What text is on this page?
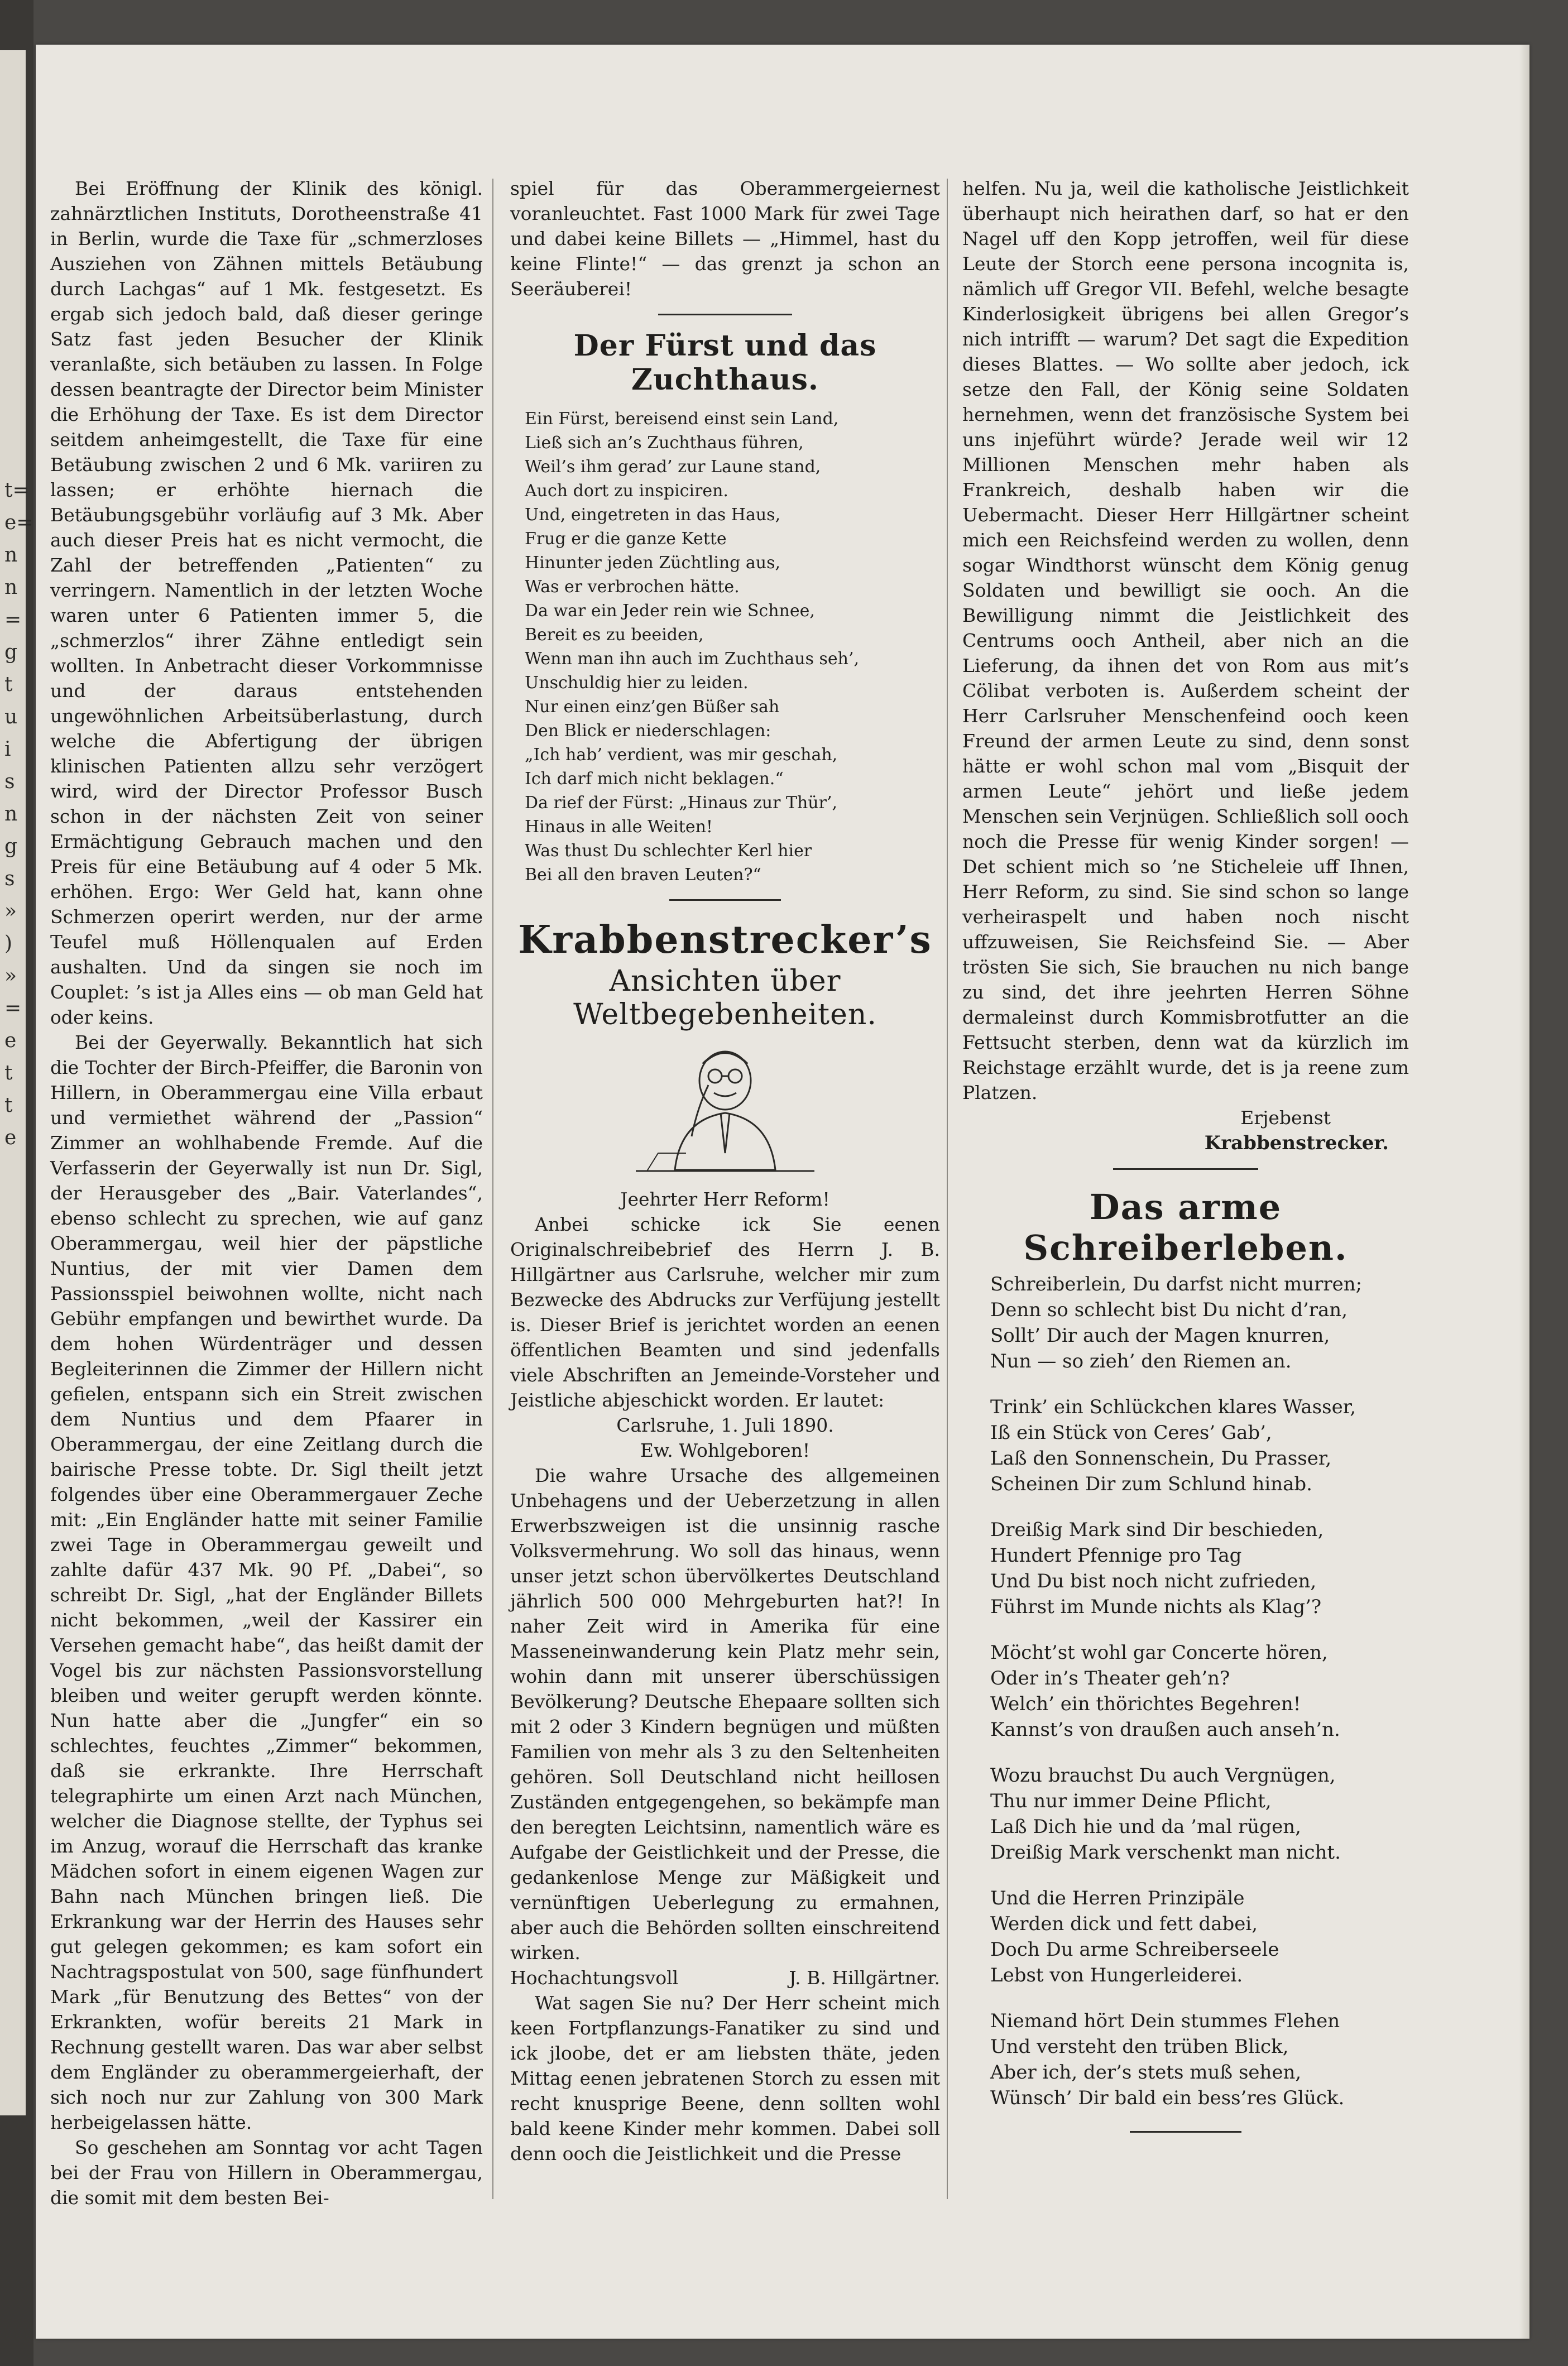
t=
e=
n
n
=
g
t
u
i
s
n
g
s
»
)
»
=
e
t
t
e

Bei Eröffnung der Klinik des königl. zahnärztlichen Instituts, Dorotheenstraße 41 in Berlin, wurde die Taxe für „schmerzloses Ausziehen von Zähnen mittels Betäubung durch Lachgas“ auf 1 Mk. festgesetzt. Es ergab sich jedoch bald, daß dieser geringe Satz fast jeden Besucher der Klinik veranlaßte, sich betäuben zu lassen. In Folge dessen beantragte der Director beim Minister die Erhöhung der Taxe. Es ist dem Director seitdem anheimgestellt, die Taxe für eine Betäubung zwischen 2 und 6 Mk. variiren zu lassen; er erhöhte hiernach die Betäubungsgebühr vorläufig auf 3 Mk. Aber auch dieser Preis hat es nicht vermocht, die Zahl der betreffenden „Patienten“ zu verringern. Namentlich in der letzten Woche waren unter 6 Patienten immer 5, die „schmerzlos“ ihrer Zähne entledigt sein wollten. In Anbetracht dieser Vorkommnisse und der daraus entstehenden ungewöhnlichen Arbeitsüberlastung, durch welche die Abfertigung der übrigen klinischen Patienten allzu sehr verzögert wird, wird der Director Professor Busch schon in der nächsten Zeit von seiner Ermächtigung Gebrauch machen und den Preis für eine Betäubung auf 4 oder 5 Mk. erhöhen. Ergo: Wer Geld hat, kann ohne Schmerzen operirt werden, nur der arme Teufel muß Höllenqualen auf Erden aushalten. Und da singen sie noch im Couplet: ’s ist ja Alles eins — ob man Geld hat oder keins.

Bei der Geyerwally. Bekanntlich hat sich die Tochter der Birch-Pfeiffer, die Baronin von Hillern, in Oberammergau eine Villa erbaut und vermiethet während der „Passion“ Zimmer an wohlhabende Fremde. Auf die Verfasserin der Geyerwally ist nun Dr. Sigl, der Herausgeber des „Bair. Vaterlandes“, ebenso schlecht zu sprechen, wie auf ganz Oberammergau, weil hier der päpstliche Nuntius, der mit vier Damen dem Passionsspiel beiwohnen wollte, nicht nach Gebühr empfangen und bewirthet wurde. Da dem hohen Würdenträger und dessen Begleiterinnen die Zimmer der Hillern nicht gefielen, entspann sich ein Streit zwischen dem Nuntius und dem Pfaarer in Oberammergau, der eine Zeitlang durch die bairische Presse tobte. Dr. Sigl theilt jetzt folgendes über eine Oberammergauer Zeche mit: „Ein Engländer hatte mit seiner Familie zwei Tage in Oberammergau geweilt und zahlte dafür 437 Mk. 90 Pf. „Dabei“, so schreibt Dr. Sigl, „hat der Engländer Billets nicht bekommen, „weil der Kassirer ein Versehen gemacht habe“, das heißt damit der Vogel bis zur nächsten Passionsvorstellung bleiben und weiter gerupft werden könnte. Nun hatte aber die „Jungfer“ ein so schlechtes, feuchtes „Zimmer“ bekommen, daß sie erkrankte. Ihre Herrschaft telegraphirte um einen Arzt nach München, welcher die Diagnose stellte, der Typhus sei im Anzug, worauf die Herrschaft das kranke Mädchen sofort in einem eigenen Wagen zur Bahn nach München bringen ließ. Die Erkrankung war der Herrin des Hauses sehr gut gelegen gekommen; es kam sofort ein Nachtragspostulat von 500, sage fünfhundert Mark „für Benutzung des Bettes“ von der Erkrankten, wofür bereits 21 Mark in Rechnung gestellt waren. Das war aber selbst dem Engländer zu oberammergeierhaft, der sich noch nur zur Zahlung von 300 Mark herbeigelassen hätte.

So geschehen am Sonntag vor acht Tagen bei der Frau von Hillern in Oberammergau, die somit mit dem besten Bei-

spiel für das Oberammergeiernest voranleuchtet. Fast 1000 Mark für zwei Tage und dabei keine Billets — „Himmel, hast du keine Flinte!“ — das grenzt ja schon an Seeräuberei!

Der Fürst und das Zuchthaus.
Ein Fürst, bereisend einst sein Land,
Ließ sich an’s Zuchthaus führen,
Weil’s ihm gerad’ zur Laune stand,
Auch dort zu inspiciren.
Und, eingetreten in das Haus,
Frug er die ganze Kette
Hinunter jeden Züchtling aus,
Was er verbrochen hätte.
Da war ein Jeder rein wie Schnee,
Bereit es zu beeiden,
Wenn man ihn auch im Zuchthaus seh’,
Unschuldig hier zu leiden.
Nur einen einz’gen Büßer sah
Den Blick er niederschlagen:
„Ich hab’ verdient, was mir geschah,
Ich darf mich nicht beklagen.“
Da rief der Fürst: „Hinaus zur Thür’,
Hinaus in alle Weiten!
Was thust Du schlechter Kerl hier
Bei all den braven Leuten?“
Krabbenstrecker’s
Ansichten über Weltbegebenheiten.
Jeehrter Herr Reform!

Anbei schicke ick Sie eenen Originalschreibebrief des Herrn J. B. Hillgärtner aus Carlsruhe, welcher mir zum Bezwecke des Abdrucks zur Verfüjung jestellt is. Dieser Brief is jerichtet worden an eenen öffentlichen Beamten und sind jedenfalls viele Abschriften an Jemeinde-Vorsteher und Jeistliche abjeschickt worden. Er lautet:

Carlsruhe, 1. Juli 1890.
Ew. Wohlgeboren!

Die wahre Ursache des allgemeinen Unbehagens und der Ueberzetzung in allen Erwerbszweigen ist die unsinnig rasche Volksvermehrung. Wo soll das hinaus, wenn unser jetzt schon übervölkertes Deutschland jährlich 500 000 Mehrgeburten hat?! In naher Zeit wird in Amerika für eine Masseneinwanderung kein Platz mehr sein, wohin dann mit unserer überschüssigen Bevölkerung? Deutsche Ehepaare sollten sich mit 2 oder 3 Kindern begnügen und müßten Familien von mehr als 3 zu den Seltenheiten gehören. Soll Deutschland nicht heillosen Zuständen entgegengehen, so bekämpfe man den beregten Leichtsinn, namentlich wäre es Aufgabe der Geistlichkeit und der Presse, die gedankenlose Menge zur Mäßigkeit und vernünftigen Ueberlegung zu ermahnen, aber auch die Behörden sollten einschreitend wirken.

Hochachtungsvoll	J. B. Hillgärtner.

Wat sagen Sie nu? Der Herr scheint mich keen Fortpflanzungs-Fanatiker zu sind und ick jloobe, det er am liebsten thäte, jeden Mittag eenen jebratenen Storch zu essen mit recht knusprige Beene, denn sollten wohl bald keene Kinder mehr kommen. Dabei soll denn ooch die Jeistlichkeit und die Presse

helfen. Nu ja, weil die katholische Jeistlichkeit überhaupt nich heirathen darf, so hat er den Nagel uff den Kopp jetroffen, weil für diese Leute der Storch eene persona incognita is, nämlich uff Gregor VII. Befehl, welche besagte Kinderlosigkeit übrigens bei allen Gregor’s nich intrifft — warum? Det sagt die Expedition dieses Blattes. — Wo sollte aber jedoch, ick setze den Fall, der König seine Soldaten hernehmen, wenn det französische System bei uns injeführt würde? Jerade weil wir 12 Millionen Menschen mehr haben als Frankreich, deshalb haben wir die Uebermacht. Dieser Herr Hillgärtner scheint mich een Reichsfeind werden zu wollen, denn sogar Windthorst wünscht dem König genug Soldaten und bewilligt sie ooch. An die Bewilligung nimmt die Jeistlichkeit des Centrums ooch Antheil, aber nich an die Lieferung, da ihnen det von Rom aus mit’s Cölibat verboten is. Außerdem scheint der Herr Carlsruher Menschenfeind ooch keen Freund der armen Leute zu sind, denn sonst hätte er wohl schon mal vom „Bisquit der armen Leute“ jehört und ließe jedem Menschen sein Verjnügen. Schließlich soll ooch noch die Presse für wenig Kinder sorgen! — Det schient mich so ’ne Sticheleie uff Ihnen, Herr Reform, zu sind. Sie sind schon so lange verheiraspelt und haben noch nischt uffzuweisen, Sie Reichsfeind Sie. — Aber trösten Sie sich, Sie brauchen nu nich bange zu sind, det ihre jeehrten Herren Söhne dermaleinst durch Kommisbrotfutter an die Fettsucht sterben, denn wat da kürzlich im Reichstage erzählt wurde, det is ja reene zum Platzen.

Erjebenst
Krabbenstrecker.
Das arme Schreiberleben.
Schreiberlein, Du darfst nicht murren;
Denn so schlecht bist Du nicht d’ran,
Sollt’ Dir auch der Magen knurren,
Nun — so zieh’ den Riemen an.
Trink’ ein Schlückchen klares Wasser,
Iß ein Stück von Ceres’ Gab’,
Laß den Sonnenschein, Du Prasser,
Scheinen Dir zum Schlund hinab.
Dreißig Mark sind Dir beschieden,
Hundert Pfennige pro Tag
Und Du bist noch nicht zufrieden,
Führst im Munde nichts als Klag’?
Möcht’st wohl gar Concerte hören,
Oder in’s Theater geh’n?
Welch’ ein thörichtes Begehren!
Kannst’s von draußen auch anseh’n.
Wozu brauchst Du auch Vergnügen,
Thu nur immer Deine Pflicht,
Laß Dich hie und da ’mal rügen,
Dreißig Mark verschenkt man nicht.
Und die Herren Prinzipäle
Werden dick und fett dabei,
Doch Du arme Schreiberseele
Lebst von Hungerleiderei.
Niemand hört Dein stummes Flehen
Und versteht den trüben Blick,
Aber ich, der’s stets muß sehen,
Wünsch’ Dir bald ein bess’res Glück.
